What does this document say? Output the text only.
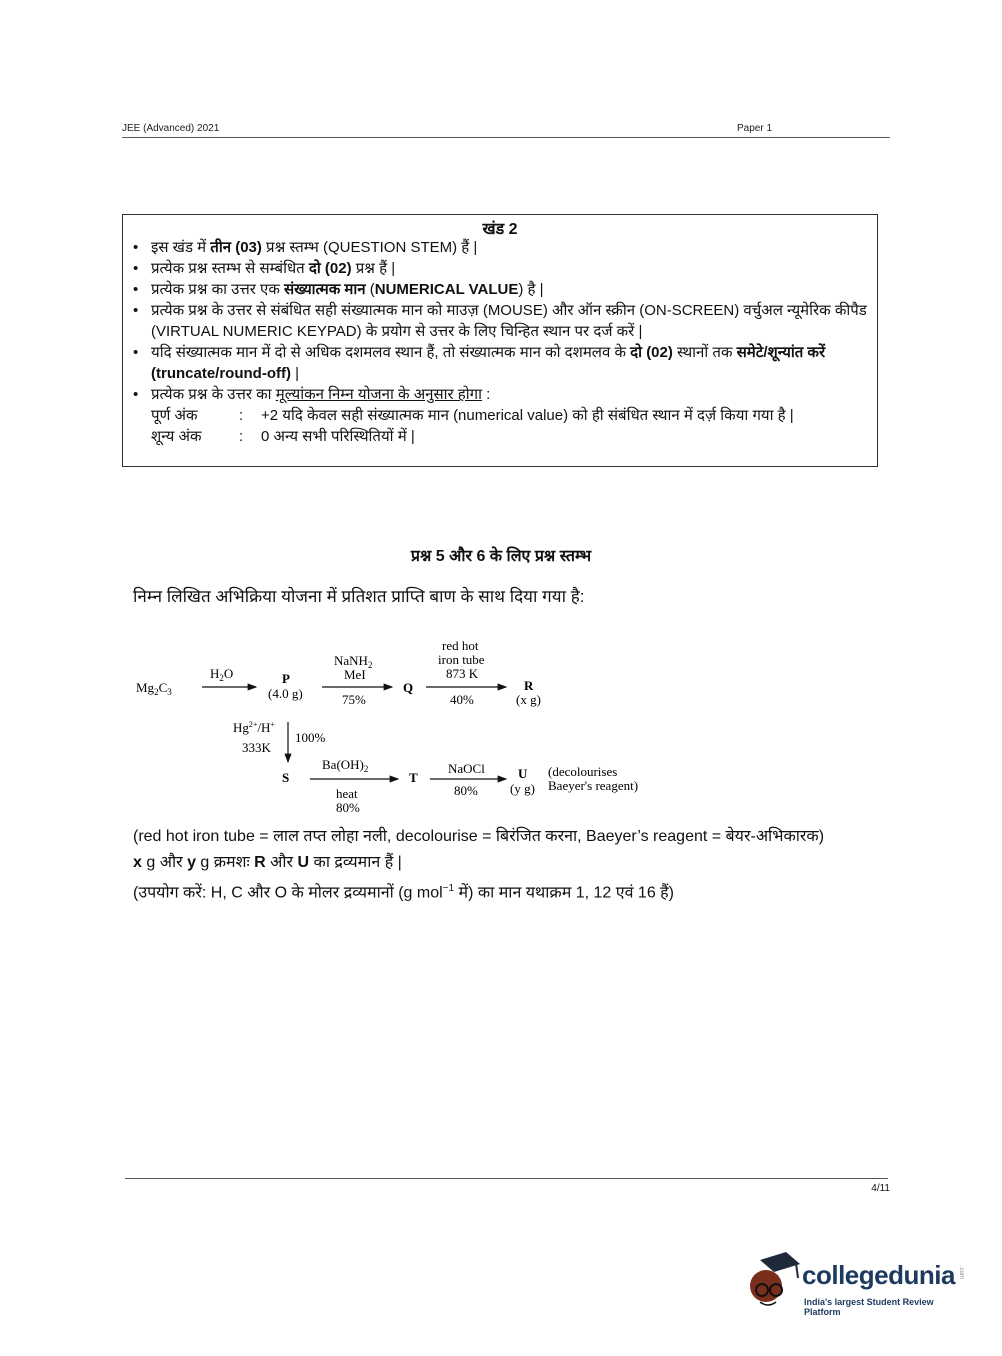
JEE (Advanced) 2021	Paper 1
खंड 2
• इस खंड में तीन (03) प्रश्न स्तम्भ (QUESTION STEM) हैं |
• प्रत्येक प्रश्न स्तम्भ से सम्बंधित दो (02) प्रश्न हैं |
• प्रत्येक प्रश्न का उत्तर एक संख्यात्मक मान (NUMERICAL VALUE) है |
• प्रत्येक प्रश्न के उत्तर से संबंधित सही संख्यात्मक मान को माउज़ (MOUSE) और ऑन स्क्रीन (ON-SCREEN) वर्चुअल न्यूमेरिक कीपैड (VIRTUAL NUMERIC KEYPAD) के प्रयोग से उत्तर के लिए चिन्हित स्थान पर दर्ज करें |
• यदि संख्यात्मक मान में दो से अधिक दशमलव स्थान हैं, तो संख्यात्मक मान को दशमलव के दो (02) स्थानों तक समेटे/शून्यांत करें (truncate/round-off) |
• प्रत्येक प्रश्न के उत्तर का मूल्यांकन निम्न योजना के अनुसार होगा :
पूर्ण अंक	:	+2 यदि केवल सही संख्यात्मक मान (numerical value) को ही संबंधित स्थान में दर्ज़ किया गया है |
शून्य अंक	:	0 अन्य सभी परिस्थितियों में |
प्रश्न 5 और 6 के लिए प्रश्न स्तम्भ
निम्न लिखित अभिक्रिया योजना में प्रतिशत प्राप्ति बाण के साथ दिया गया है:
$Mg_2C_3$
$H_2O$	P
(4.0 g)
NaNH$_2$
MeI
75%
Q
red hot
iron tube
873 K
40%
R
(x g)
$Hg^{2+}/H^+$
333K
100%
S
$Ba(OH)_2$
heat
80%
T
NaOCl
80%
U
(y g)
(decolourises
Baeyer's reagent)

(red hot iron tube = लाल तप्त लोहा नली, decolourise = बिरंजित करना, Baeyer’s reagent = बेयर-अभिकारक)

x g और y g क्रमशः R और U का द्रव्यमान हैं |

(उपयोग करें: H, C और O के मोलर द्रव्यमानों (g mol$^{-1}$ में) का मान यथाक्रम 1, 12 एवं 16 हैं)

4/11
collegedunia .com
India's largest Student Review Platform
